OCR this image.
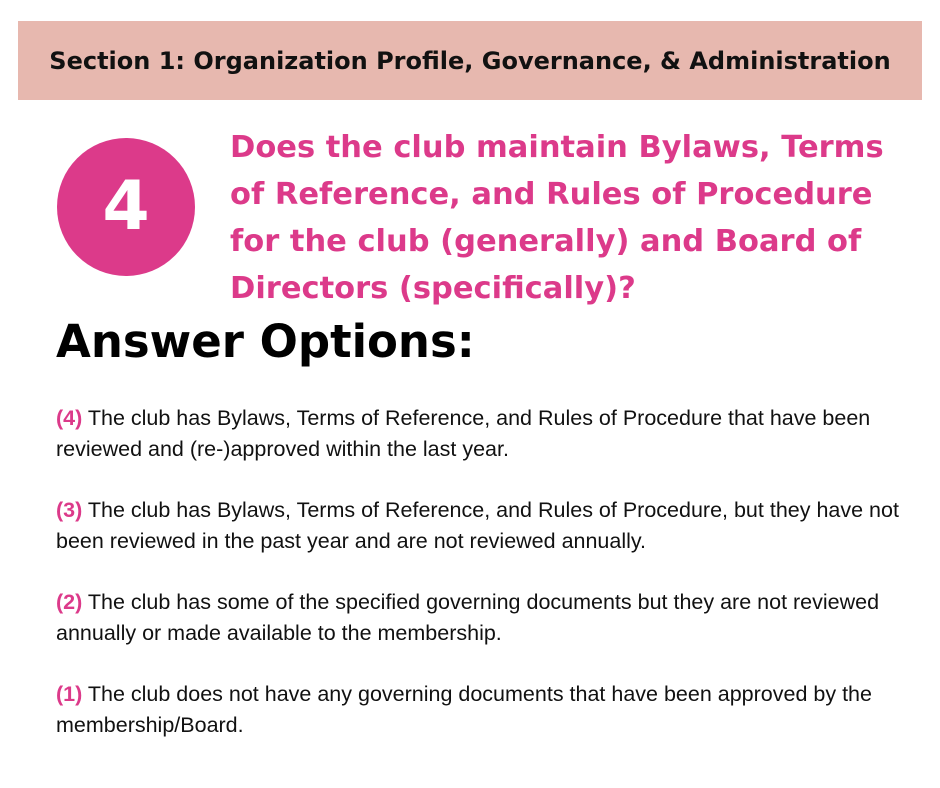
Section 1: Organization Profile, Governance, & Administration
4

Does the club maintain Bylaws, Terms of Reference, and Rules of Procedure for the club (generally) and Board of Directors (specifically)?

Answer Options:

(4) The club has Bylaws, Terms of Reference, and Rules of Procedure that have been reviewed and (re-)approved within the last year.

(3) The club has Bylaws, Terms of Reference, and Rules of Procedure, but they have not been reviewed in the past year and are not reviewed annually.

(2) The club has some of the specified governing documents but they are not reviewed annually or made available to the membership.

(1) The club does not have any governing documents that have been approved by the membership/Board.
